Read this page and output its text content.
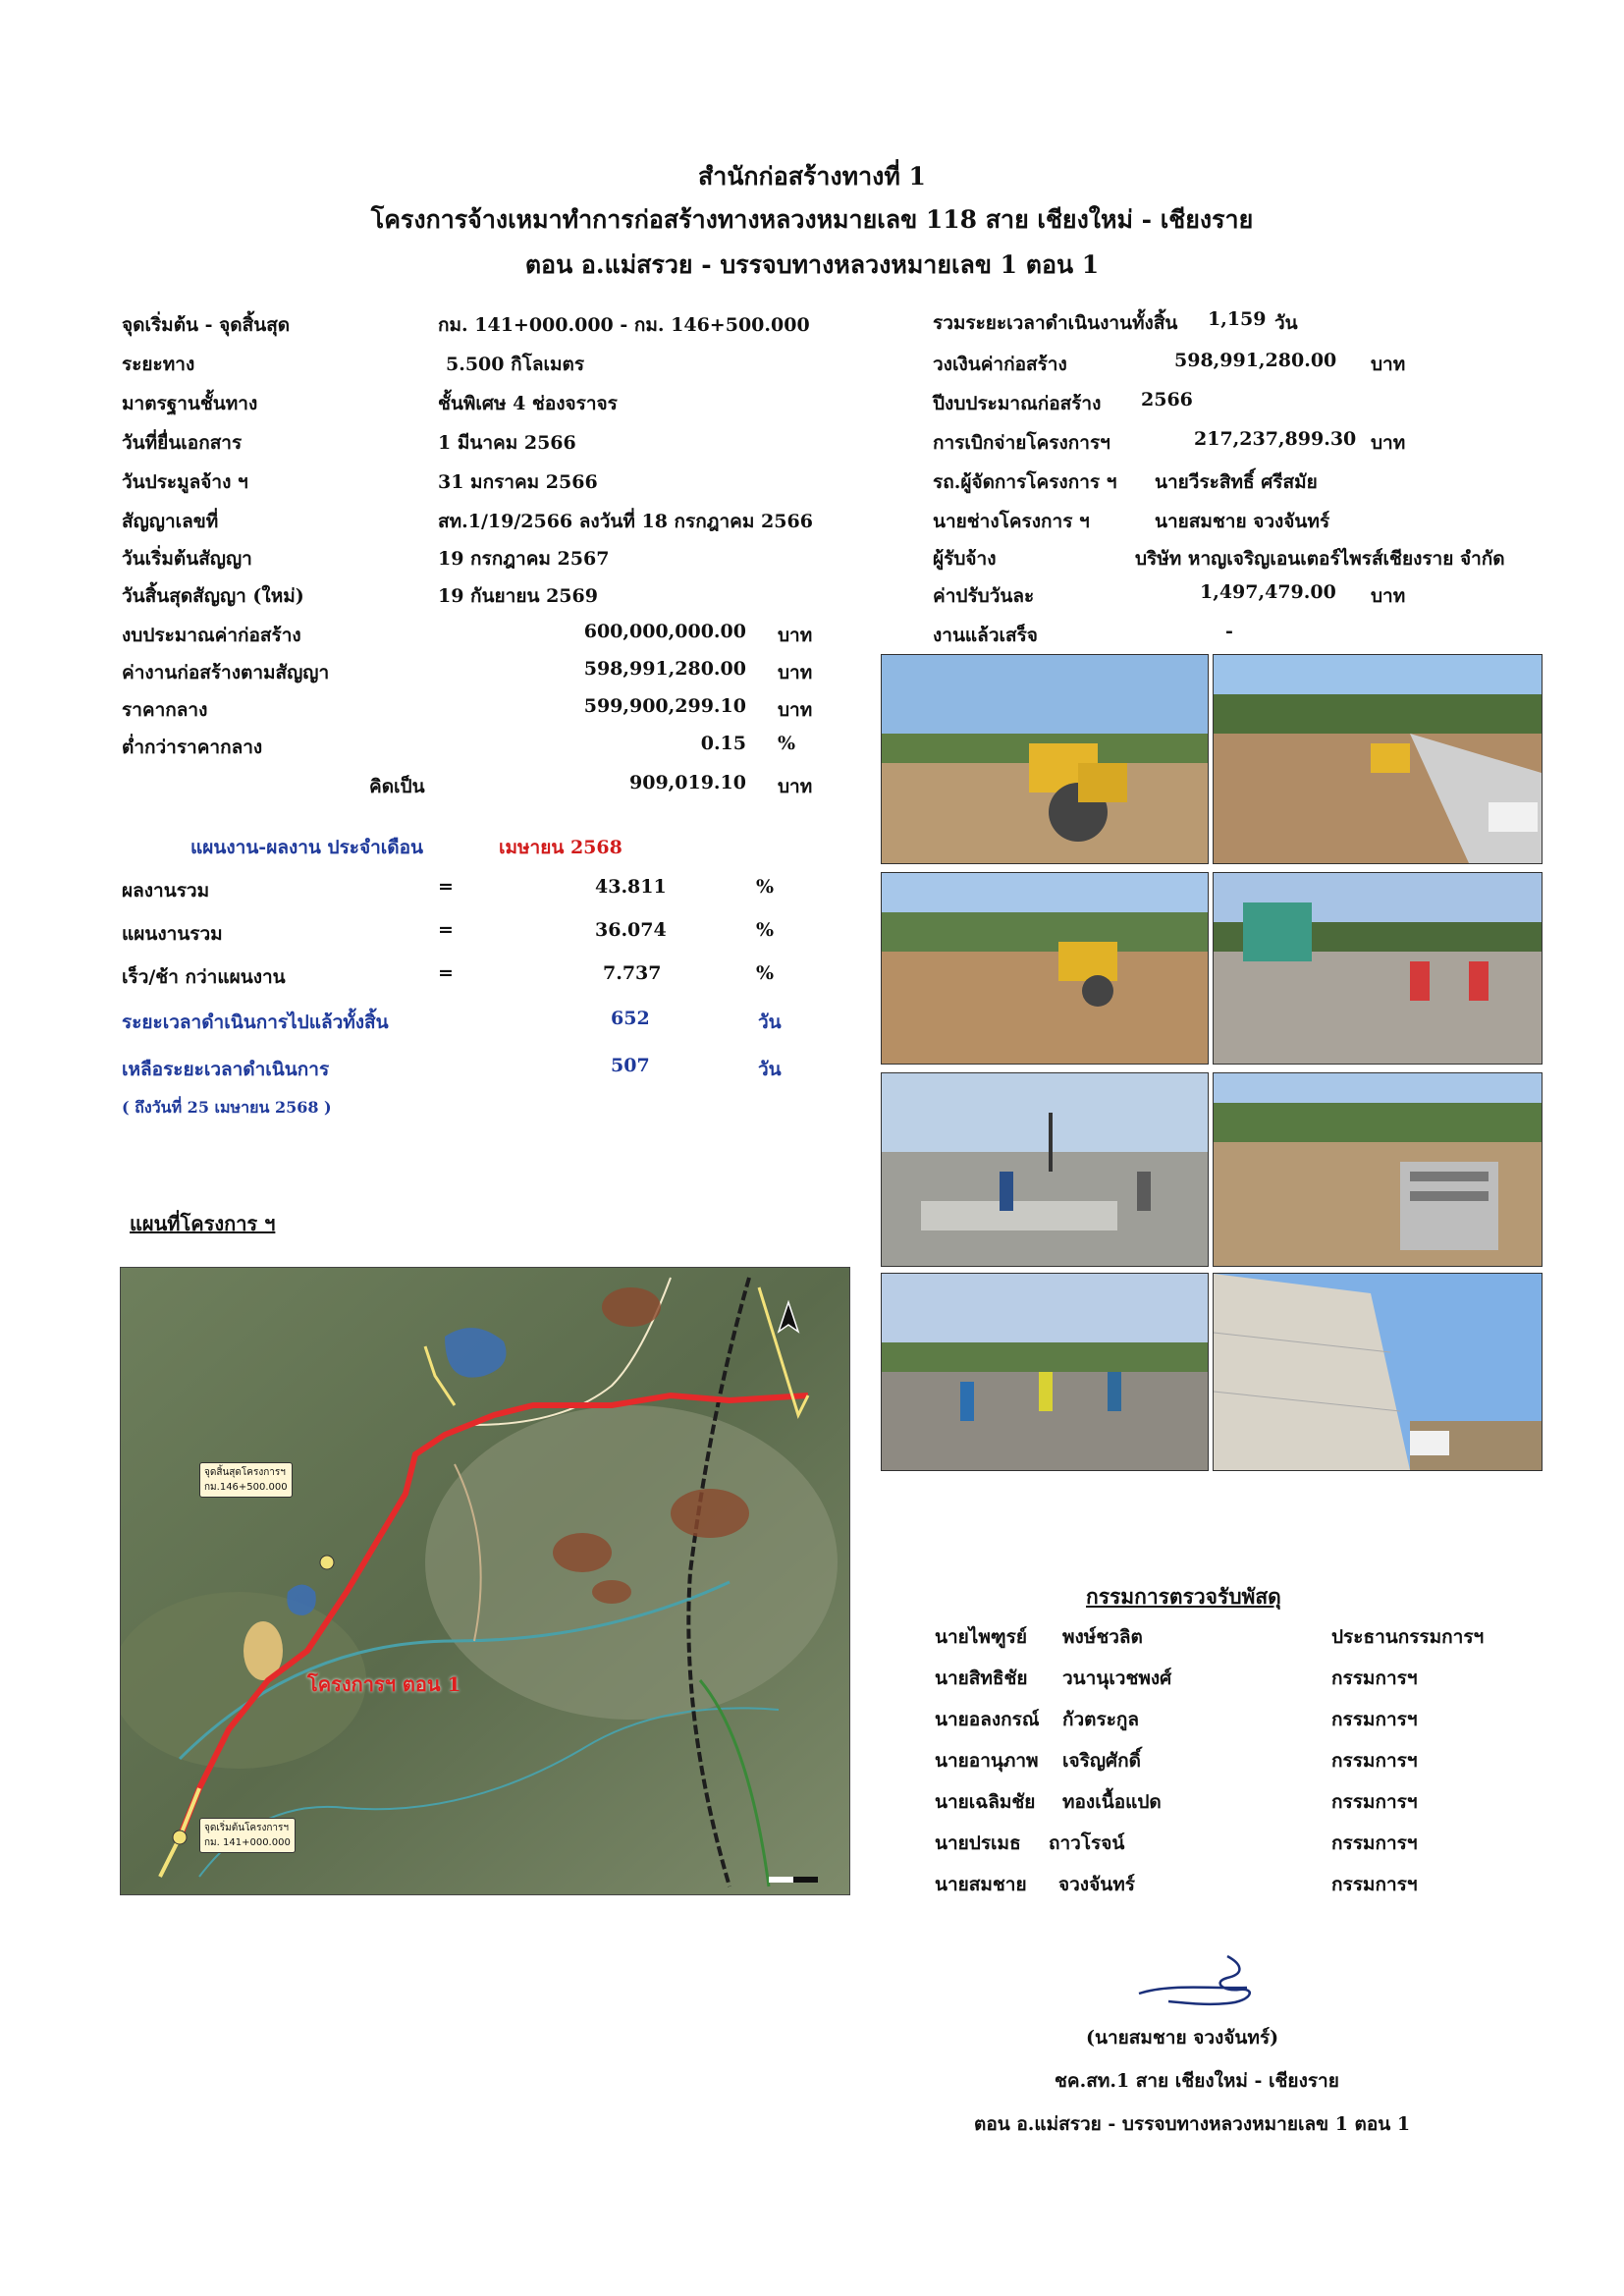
สำนักก่อสร้างทางที่ 1
โครงการจ้างเหมาทำการก่อสร้างทางหลวงหมายเลข 118 สาย เชียงใหม่ - เชียงราย
ตอน อ.แม่สรวย - บรรจบทางหลวงหมายเลข 1 ตอน 1
จุดเริ่มต้น - จุดสิ้นสุด	กม. 141+000.000 - กม. 146+500.000
ระยะทาง	5.500 กิโลเมตร
มาตรฐานชั้นทาง	ชั้นพิเศษ 4 ช่องจราจร
วันที่ยื่นเอกสาร	1 มีนาคม 2566
วันประมูลจ้าง ฯ	31 มกราคม 2566
สัญญาเลขที่	สท.1/19/2566 ลงวันที่ 18 กรกฎาคม 2566
วันเริ่มต้นสัญญา	19 กรกฎาคม 2567
วันสิ้นสุดสัญญา (ใหม่)	19 กันยายน 2569
งบประมาณค่าก่อสร้าง	600,000,000.00 บาท
ค่างานก่อสร้างตามสัญญา	598,991,280.00 บาท
ราคากลาง	599,900,299.10 บาท
ต่ำกว่าราคากลาง	0.15 %
คิดเป็น	909,019.10 บาท
รวมระยะเวลาดำเนินงานทั้งสิ้น 1,159 วัน
วงเงินค่าก่อสร้าง	598,991,280.00 บาท
ปีงบประมาณก่อสร้าง 2566
การเบิกจ่ายโครงการฯ	217,237,899.30 บาท
รถ.ผู้จัดการโครงการ ฯ นายวีระสิทธิ์ ศรีสมัย
นายช่างโครงการ ฯ	นายสมชาย จวงจันทร์
ผู้รับจ้าง	บริษัท หาญเจริญเอนเตอร์ไพรส์เชียงราย จำกัด
ค่าปรับวันละ	1,497,479.00 บาท
งานแล้วเสร็จ	-
แผนงาน-ผลงาน ประจำเดือน	เมษายน 2568
ผลงานรวม	=	43.811	%
แผนงานรวม	=	36.074	%
เร็ว/ช้า กว่าแผนงาน	=	7.737	%
ระยะเวลาดำเนินการไปแล้วทั้งสิ้น	652	วัน
เหลือระยะเวลาดำเนินการ	507	วัน
( ถึงวันที่ 25 เมษายน 2568 )
แผนที่โครงการ ฯ
จุดสิ้นสุดโครงการฯ
กม.146+500.000
จุดเริ่มต้นโครงการฯ
กม. 141+000.000
โครงการฯ ตอน 1
กรรมการตรวจรับพัสดุ
นายไพฑูรย์ พงษ์ชวลิต	ประธานกรรมการฯ
นายสิทธิชัย วนานุเวชพงศ์	กรรมการฯ
นายอลงกรณ์ กัวตระกูล	กรรมการฯ
นายอานุภาพ เจริญศักดิ์	กรรมการฯ
นายเฉลิมชัย ทองเนื้อแปด	กรรมการฯ
นายปรเมธ ถาวโรจน์	กรรมการฯ
นายสมชาย จวงจันทร์	กรรมการฯ
(นายสมชาย จวงจันทร์)
ชค.สท.1 สาย เชียงใหม่ - เชียงราย
ตอน อ.แม่สรวย - บรรจบทางหลวงหมายเลข 1 ตอน 1
